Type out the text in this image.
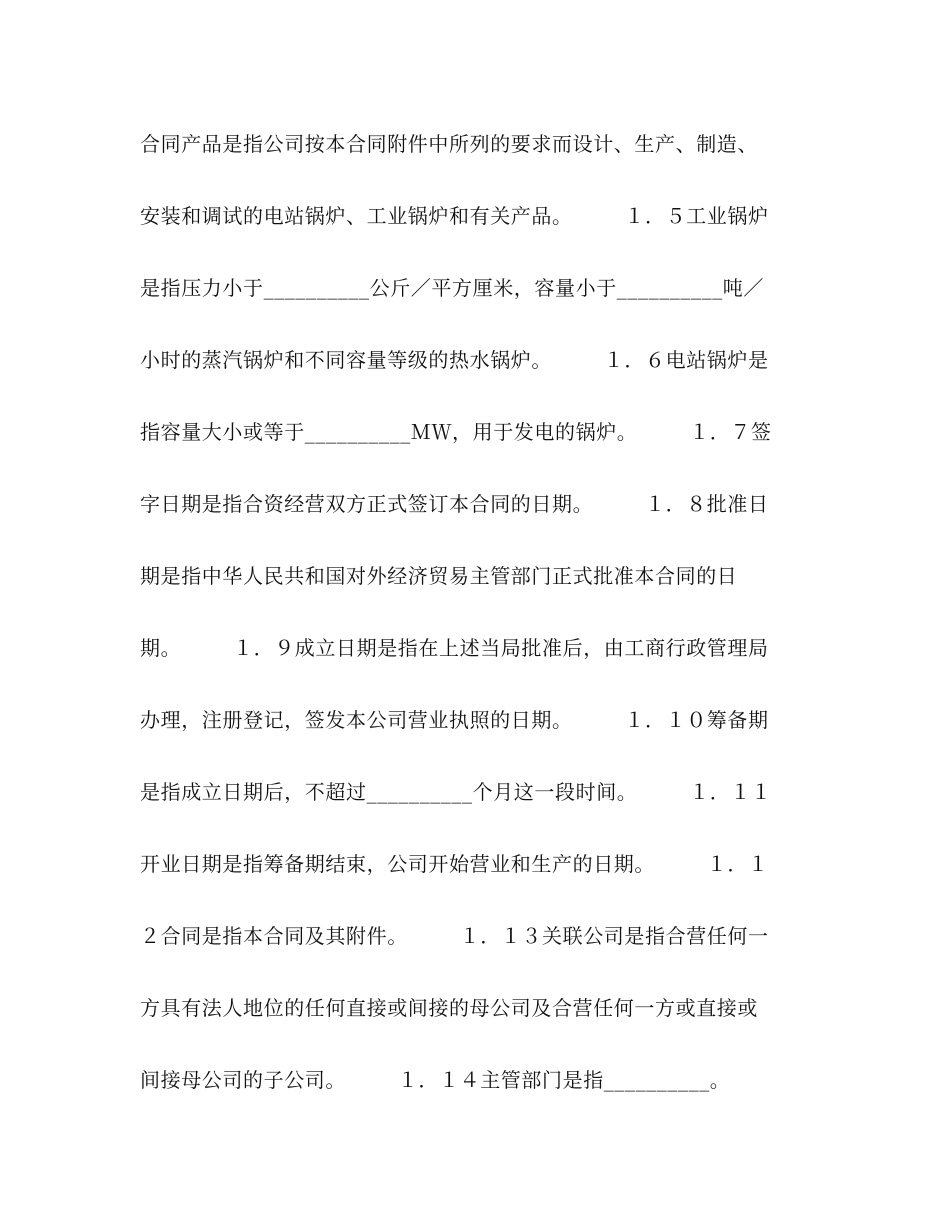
合同产品是指公司按本合同附件中所列的要求而设计、生产、制造、
安装和调试的电站锅炉、工业锅炉和有关产品。　　　１．５工业锅炉
是指压力小于__________公斤／平方厘米，容量小于__________吨／
小时的蒸汽锅炉和不同容量等级的热水锅炉。　　　１．６电站锅炉是
指容量大小或等于__________ＭＷ，用于发电的锅炉。　　　１．７签
字日期是指合资经营双方正式签订本合同的日期。　　　１．８批准日
期是指中华人民共和国对外经济贸易主管部门正式批准本合同的日
期。　　　１．９成立日期是指在上述当局批准后，由工商行政管理局
办理，注册登记，签发本公司营业执照的日期。　　　１．１０筹备期
是指成立日期后，不超过__________个月这一段时间。　　　１．１１
开业日期是指筹备期结束，公司开始营业和生产的日期。　　　１．１
２合同是指本合同及其附件。　　　１．１３关联公司是指合营任何一
方具有法人地位的任何直接或间接的母公司及合营任何一方或直接或
间接母公司的子公司。　　　１．１４主管部门是指__________。
